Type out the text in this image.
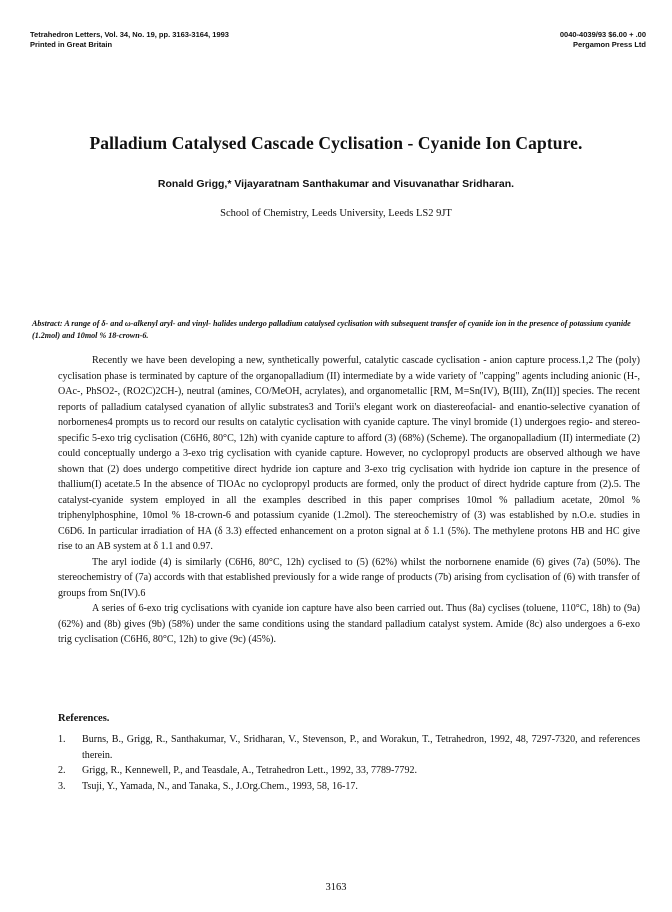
Tetrahedron Letters, Vol. 34, No. 19, pp. 3163-3164, 1993
Printed in Great Britain
0040-4039/93 $6.00 + .00
Pergamon Press Ltd
Palladium Catalysed Cascade Cyclisation - Cyanide Ion Capture.
Ronald Grigg,* Vijayaratnam Santhakumar and Visuvanathar Sridharan.
School of Chemistry, Leeds University, Leeds LS2 9JT
Abstract: A range of δ- and ω-alkenyl aryl- and vinyl- halides undergo palladium catalysed cyclisation with subsequent transfer of cyanide ion in the presence of potassium cyanide (1.2mol) and 10mol % 18-crown-6.

Recently we have been developing a new, synthetically powerful, catalytic cascade cyclisation - anion capture process.1,2 The (poly) cyclisation phase is terminated by capture of the organopalladium (II) intermediate by a wide variety of "capping" agents including anionic (H-, OAc-, PhSO2-, (RO2C)2CH-), neutral (amines, CO/MeOH, acrylates), and organometallic [RM, M=Sn(IV), B(III), Zn(II)] species. The recent reports of palladium catalysed cyanation of allylic substrates3 and Torii's elegant work on diastereofacial- and enantio-selective cyanation of norbornenes4 prompts us to record our results on catalytic cyclisation with cyanide capture. The vinyl bromide (1) undergoes regio- and stereo-specific 5-exo trig cyclisation (C6H6, 80°C, 12h) with cyanide capture to afford (3) (68%) (Scheme). The organopalladium (II) intermediate (2) could conceptually undergo a 3-exo trig cyclisation with cyanide capture. However, no cyclopropyl products are observed although we have shown that (2) does undergo competitive direct hydride ion capture and 3-exo trig cyclisation with hydride ion capture in the presence of thallium(I) acetate.5 In the absence of TlOAc no cyclopropyl products are formed, only the product of direct hydride capture from (2).5. The catalyst-cyanide system employed in all the examples described in this paper comprises 10mol % palladium acetate, 20mol % triphenylphosphine, 10mol % 18-crown-6 and potassium cyanide (1.2mol). The stereochemistry of (3) was established by n.O.e. studies in C6D6. In particular irradiation of HA (δ 3.3) effected enhancement on a proton signal at δ 1.1 (5%). The methylene protons HB and HC give rise to an AB system at δ 1.1 and 0.97.

The aryl iodide (4) is similarly (C6H6, 80°C, 12h) cyclised to (5) (62%) whilst the norbornene enamide (6) gives (7a) (50%). The stereochemistry of (7a) accords with that established previously for a wide range of products (7b) arising from cyclisation of (6) with transfer of groups from Sn(IV).6

A series of 6-exo trig cyclisations with cyanide ion capture have also been carried out. Thus (8a) cyclises (toluene, 110°C, 18h) to (9a) (62%) and (8b) gives (9b) (58%) under the same conditions using the standard palladium catalyst system. Amide (8c) also undergoes a 6-exo trig cyclisation (C6H6, 80°C, 12h) to give (9c) (45%).

References.
1. Burns, B., Grigg, R., Santhakumar, V., Sridharan, V., Stevenson, P., and Worakun, T., Tetrahedron, 1992, 48, 7297-7320, and references therein.
2. Grigg, R., Kennewell, P., and Teasdale, A., Tetrahedron Lett., 1992, 33, 7789-7792.
3. Tsuji, Y., Yamada, N., and Tanaka, S., J.Org.Chem., 1993, 58, 16-17.
3163
